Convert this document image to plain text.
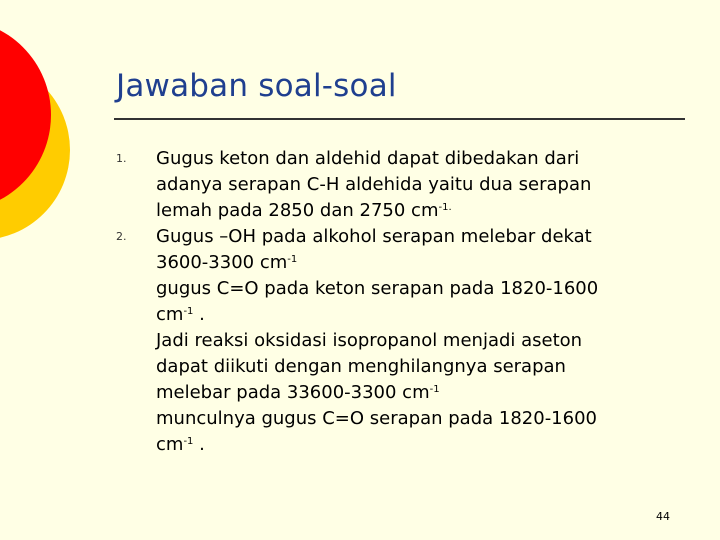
Jawaban soal-soal
1. Gugus keton dan aldehid dapat dibedakan dari
adanya serapan C-H aldehida yaitu dua serapan
lemah pada 2850 dan 2750 $cm^{-1.}$
2. Gugus –OH pada alkohol serapan melebar dekat
3600-3300 $cm^{-1}$
gugus C=O pada keton serapan pada 1820-1600
$cm^{-1}$ .
Jadi reaksi oksidasi isopropanol menjadi aseton
dapat diikuti dengan menghilangnya serapan
melebar pada 33600-3300 $cm^{-1}$
munculnya gugus C=O serapan pada 1820-1600
$cm^{-1}$ .
44
